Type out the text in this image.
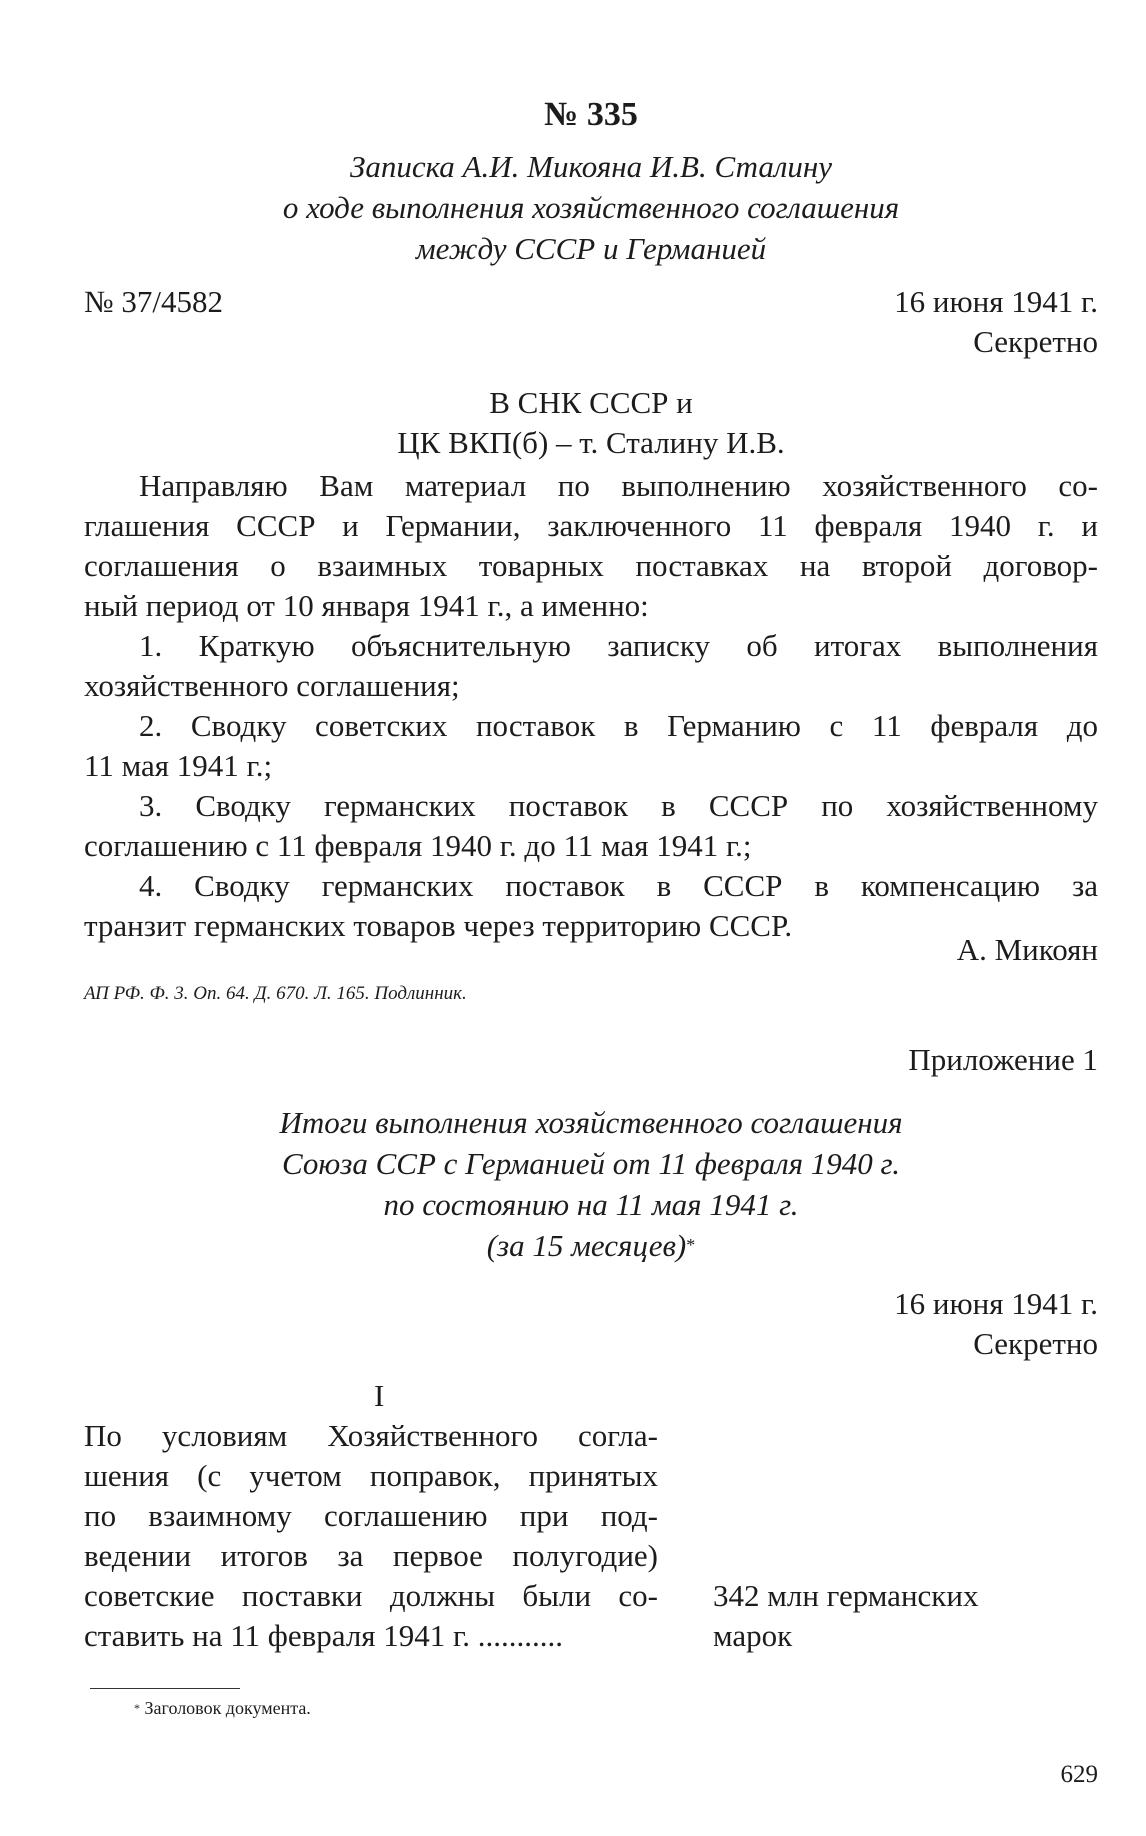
№ 335
Записка А.И. Микояна И.В. Сталину
о ходе выполнения хозяйственного соглашения
между СССР и Германией
№ 37/4582	16 июня 1941 г.
Секретно
В СНК СССР и
ЦК ВКП(б) – т. Сталину И.В.
Направляю Вам материал по выполнению хозяйственного со-
глашения СССР и Германии, заключенного 11 февраля 1940 г. и
соглашения о взаимных товарных поставках на второй договор-
ный период от 10 января 1941 г., а именно:
1. Краткую объяснительную записку об итогах выполнения
хозяйственного соглашения;
2. Сводку советских поставок в Германию с 11 февраля до
11 мая 1941 г.;
3. Сводку германских поставок в СССР по хозяйственному
соглашению с 11 февраля 1940 г. до 11 мая 1941 г.;
4. Сводку германских поставок в СССР в компенсацию за
транзит германских товаров через территорию СССР.
А. Микоян
АП РФ. Ф. 3. Оп. 64. Д. 670. Л. 165. Подлинник.
Приложение 1
Итоги выполнения хозяйственного соглашения
Союза ССР с Германией от 11 февраля 1940 г.
по состоянию на 11 мая 1941 г.
(за 15 месяцев)*
16 июня 1941 г.
Секретно
I
По условиям Хозяйственного согла-
шения (с учетом поправок, принятых
по взаимному соглашению при под-
ведении итогов за первое полугодие)
советские поставки должны были со-
ставить на 11 февраля 1941 г. ...........
342 млн германских
марок
* Заголовок документа.
629
